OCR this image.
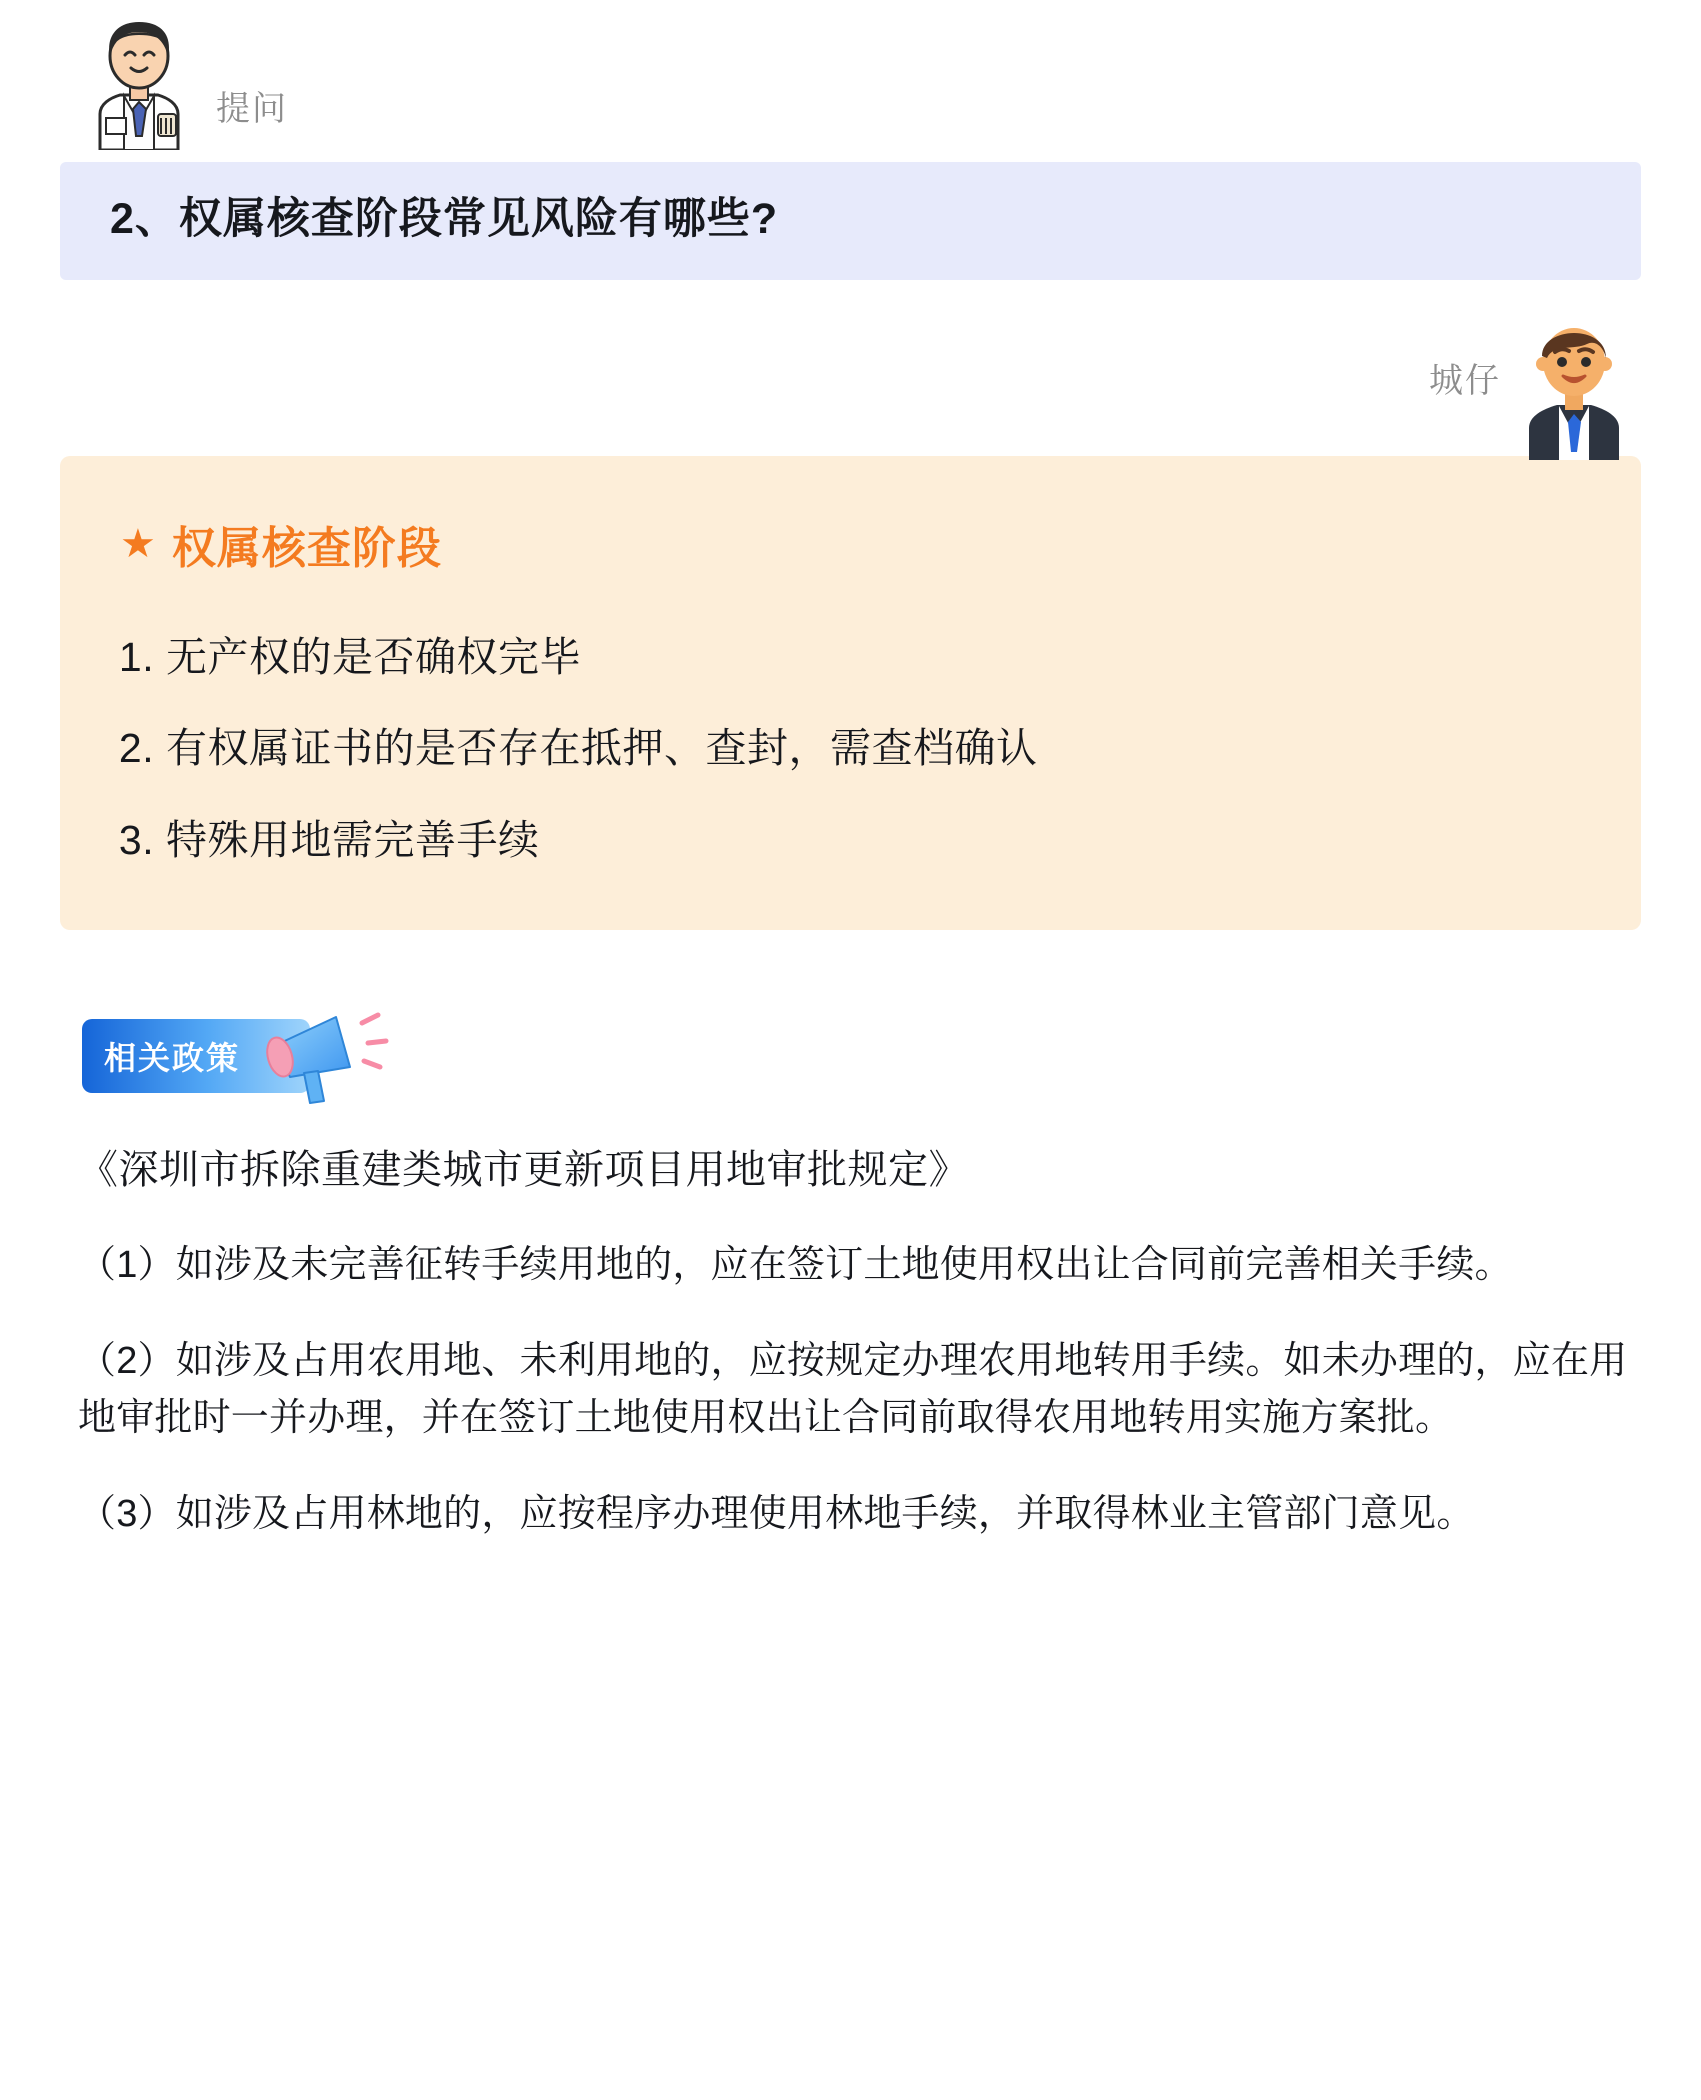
提问
2、权属核查阶段常见风险有哪些?
城仔
★ 权属核查阶段
1. 无产权的是否确权完毕
2. 有权属证书的是否存在抵押、查封，需查档确认
3. 特殊用地需完善手续
相关政策
《深圳市拆除重建类城市更新项目用地审批规定》
（1）如涉及未完善征转手续用地的，应在签订土地使用权出让合同前完善相关手续。
（2）如涉及占用农用地、未利用地的，应按规定办理农用地转用手续。如未办理的，应在用地审批时一并办理，并在签订土地使用权出让合同前取得农用地转用实施方案批。
（3）如涉及占用林地的，应按程序办理使用林地手续，并取得林业主管部门意见。
